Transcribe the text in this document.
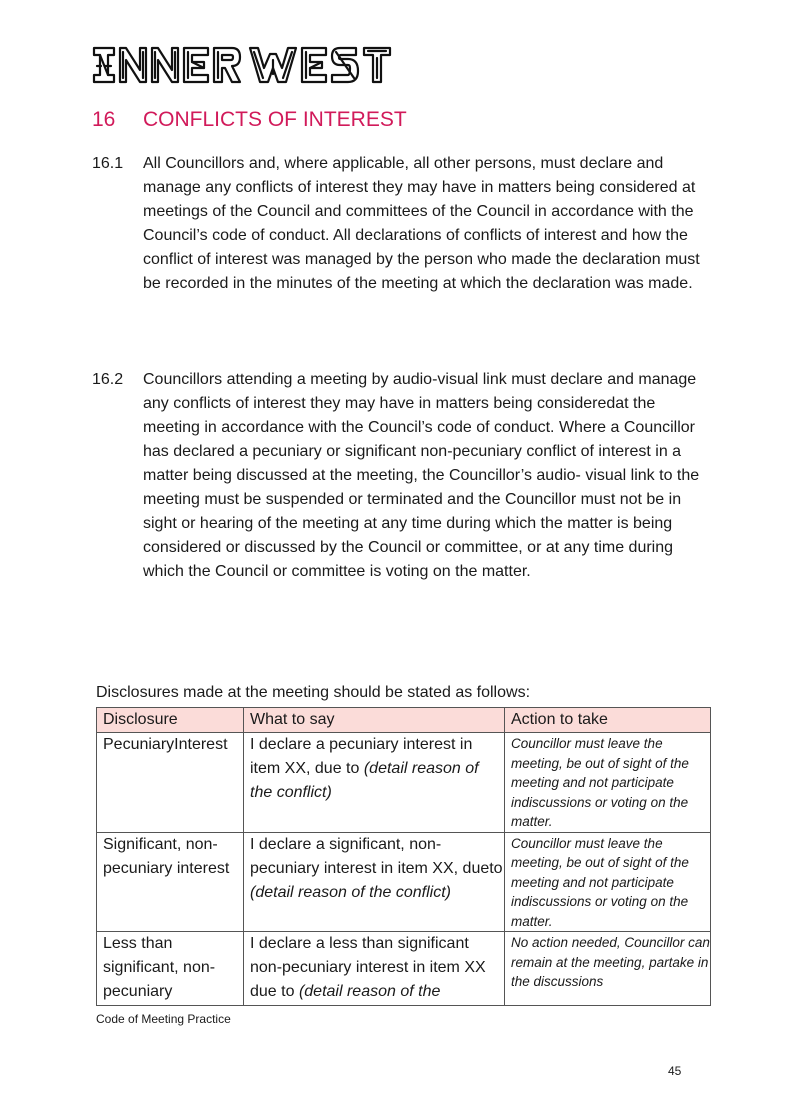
16 CONFLICTS OF INTEREST
16.1 All Councillors and, where applicable, all other persons, must declare and manage any conflicts of interest they may have in matters being considered at meetings of the Council and committees of the Council in accordance with the Council’s code of conduct. All declarations of conflicts of interest and how the conflict of interest was managed by the person who made the declaration must be recorded in the minutes of the meeting at which the declaration was made.
16.2 Councillors attending a meeting by audio-visual link must declare and manage any conflicts of interest they may have in matters being consideredat the meeting in accordance with the Council’s code of conduct. Where a Councillor has declared a pecuniary or significant non-pecuniary conflict of interest in a matter being discussed at the meeting, the Councillor’s audio- visual link to the meeting must be suspended or terminated and the Councillor must not be in sight or hearing of the meeting at any time during which the matter is being considered or discussed by the Council or committee, or at any time during which the Council or committee is voting on the matter.
Disclosures made at the meeting should be stated as follows:
Disclosure	What to say	Action to take
PecuniaryInterest	I declare a pecuniary interest in item XX, due to (detail reason of the conflict)	Councillor must leave the meeting, be out of sight of the meeting and not participate indiscussions or voting on the matter.
Significant, non-pecuniary interest	I declare a significant, non-pecuniary interest in item XX, dueto (detail reason of the conflict)	Councillor must leave the meeting, be out of sight of the meeting and not participate indiscussions or voting on the matter.
Less than significant, non-pecuniary	I declare a less than significant non-pecuniary interest in item XX due to (detail reason of the	No action needed, Councillor can remain at the meeting, partake in the discussions
Code of Meeting Practice
45
